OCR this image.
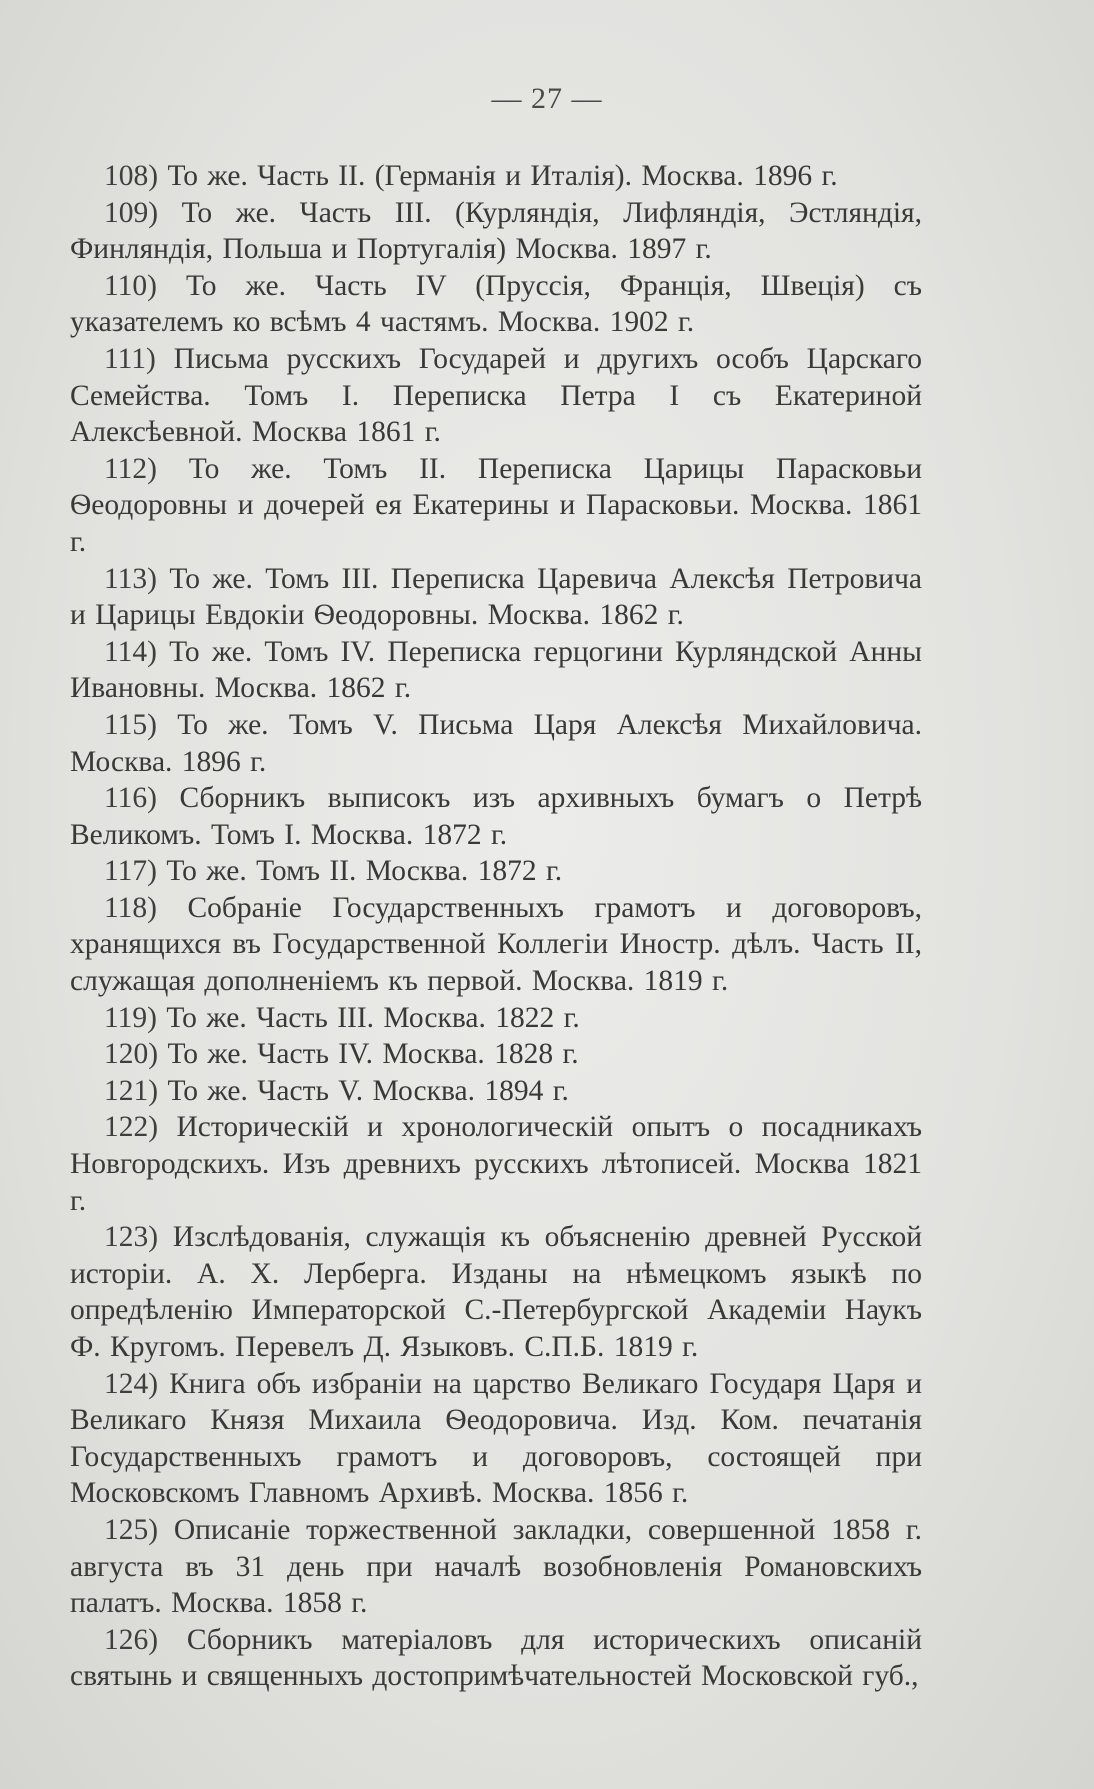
— 27 —

108) То же. Часть II. (Германія и Италія). Москва. 1896 г.

109) То же. Часть III. (Курляндія, Лифляндія, Эстляндія, Финляндія, Польша и Португалія) Москва. 1897 г.

110) То же. Часть IV (Пруссія, Франція, Швеція) съ указателемъ ко всѣмъ 4 частямъ. Москва. 1902 г.

111) Письма русскихъ Государей и другихъ особъ Царскаго Семейства. Томъ I. Переписка Петра I съ Екатериной Алексѣевной. Москва 1861 г.

112) То же. Томъ II. Переписка Царицы Парасковьи Ѳеодоровны и дочерей ея Екатерины и Парасковьи. Москва. 1861 г.

113) То же. Томъ III. Переписка Царевича Алексѣя Петровича и Царицы Евдокіи Ѳеодоровны. Москва. 1862 г.

114) То же. Томъ IV. Переписка герцогини Курляндской Анны Ивановны. Москва. 1862 г.

115) То же. Томъ V. Письма Царя Алексѣя Михайловича. Москва. 1896 г.

116) Сборникъ выписокъ изъ архивныхъ бумагъ о Петрѣ Великомъ. Томъ I. Москва. 1872 г.

117) То же. Томъ II. Москва. 1872 г.

118) Собраніе Государственныхъ грамотъ и договоровъ, хранящихся въ Государственной Коллегіи Иностр. дѣлъ. Часть II, служащая дополненіемъ къ первой. Москва. 1819 г.

119) То же. Часть III. Москва. 1822 г.

120) То же. Часть IV. Москва. 1828 г.

121) То же. Часть V. Москва. 1894 г.

122) Историческій и хронологическій опытъ о посадникахъ Новгородскихъ. Изъ древнихъ русскихъ лѣтописей. Москва 1821 г.

123) Изслѣдованія, служащія къ объясненію древней Русской исторіи. А. Х. Лерберга. Изданы на нѣмецкомъ языкѣ по опредѣленію Императорской С.-Петербургской Академіи Наукъ Ф. Кругомъ. Перевелъ Д. Языковъ. С.П.Б. 1819 г.

124) Книга объ избраніи на царство Великаго Государя Царя и Великаго Князя Михаила Ѳеодоровича. Изд. Ком. печатанія Государственныхъ грамотъ и договоровъ, состоящей при Московскомъ Главномъ Архивѣ. Москва. 1856 г.

125) Описаніе торжественной закладки, совершенной 1858 г. августа въ 31 день при началѣ возобновленія Романовскихъ палатъ. Москва. 1858 г.

126) Сборникъ матеріаловъ для историческихъ описаній святынь и священныхъ достопримѣчательностей Московской губ.,
